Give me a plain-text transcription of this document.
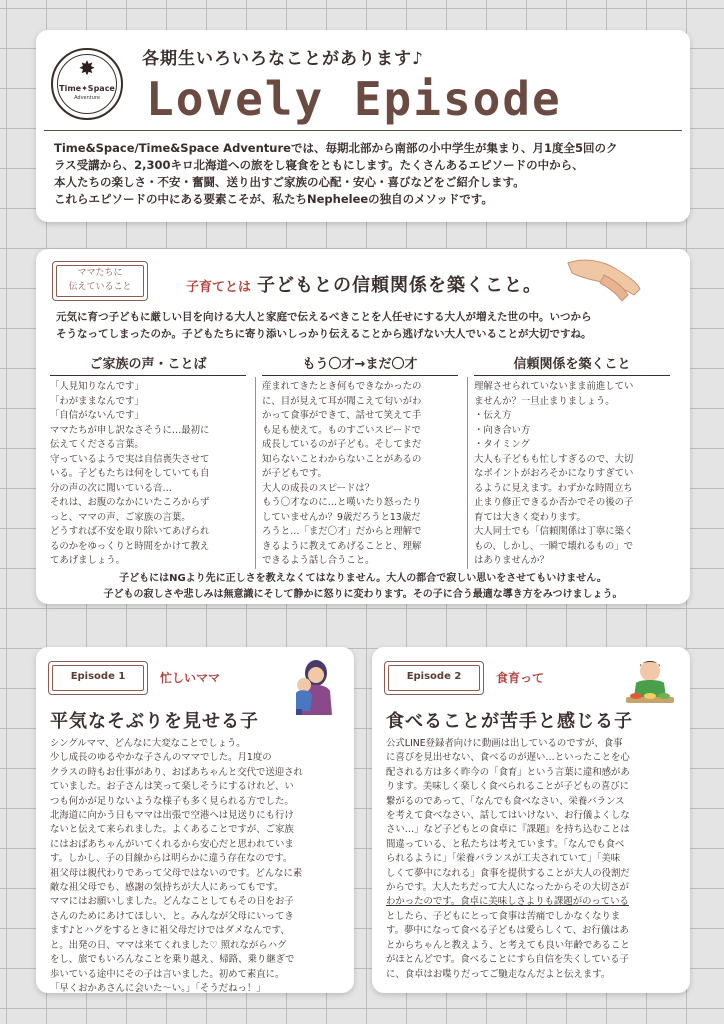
✸
Time✦Space
Adventure
各期生いろいろなことがあります♪
Lovely Episode
Time&Space/Time&Space Adventureでは、毎期北部から南部の小中学生が集まり、月1度全5回のク
ラス受講から、2,300キロ北海道への旅をし寝食をともにします。たくさんあるエピソードの中から、
本人たちの楽しさ・不安・奮闘、送り出すご家族の心配・安心・喜びなどをご紹介します。
これらエピソードの中にある要素こそが、私たちNepheleeの独自のメソッドです。
ママたちに
伝えていること	子育てとは 子どもとの信頼関係を築くこと。
元気に育つ子どもに厳しい目を向ける大人と家庭で伝えるべきことを人任せにする大人が増えた世の中。いつから
そうなってしまったのか。子どもたちに寄り添いしっかり伝えることから逃げない大人でいることが大切ですね。
ご家族の声・ことば
「人見知りなんです」
「わがままなんです」
「自信がないんです」
ママたちが申し訳なさそうに…最初に
伝えてくださる言葉。
守っているようで実は自信喪失させて
いる。子どもたちは何をしていても自
分の声の次に聞いている音…
それは、お腹のなかにいたころからず
っと、ママの声、ご家族の言葉。
どうすれば不安を取り除いてあげられ
るのかをゆっくりと時間をかけて教え
てあげましょう。
もう〇才→まだ〇才
産まれてきたとき何もできなかったの
に、目が見えて耳が聞こえて匂いがわ
かって食事ができて、話せて笑えて手
も足も使えて。ものすごいスピードで
成長しているのが子ども。そしてまだ
知らないことわからないことがあるの
が子どもです。
大人の成長のスピードは？
もう〇才なのに…と嘆いたり怒ったり
していませんか？9歳だろうと13歳だ
ろうと…「まだ〇才」だからと理解で
きるように教えてあげることと、理解
できるよう話し合うこと。
信頼関係を築くこと
理解させられていないまま前進してい
ませんか？一旦止まりましょう。
・伝え方
・向き合い方
・タイミング
大人も子どもも忙しすぎるので、大切
なポイントがおろそかになりすぎてい
るように見えます。わずかな時間立ち
止まり修正できるか否かでその後の子
育ては大きく変わります。
大人同士でも「信頼関係は丁寧に築く
もの、しかし、一瞬で壊れるもの」で
はありませんか？
子どもにはNGより先に正しさを教えなくてはなりません。大人の都合で寂しい思いをさせてもいけません。
子どもの寂しさや悲しみは無意識にそして静かに怒りに変わります。その子に合う最適な導き方をみつけましょう。
Episode 1	忙しいママ
平気なそぶりを見せる子
シングルママ、どんなに大変なことでしょう。
少し成長のゆるやかな子さんのママでした。月1度の
クラスの時もお仕事があり、おばあちゃんと交代で送迎され
ていました。お子さんは笑って楽しそうにするけれど、い
つも何かが足りないような様子も多く見られる方でした。
北海道に向かう日もママは出張で空港へは見送りにも行け
ないと伝えて来られました。よくあることですが、ご家族
にはおばあちゃんがいてくれるから安心だと思われていま
す。しかし、子の目線からは明らかに違う存在なのです。
祖父母は親代わりであって父母ではないのです。どんなに素
敵な祖父母でも、感謝の気持ちが大人にあってもです。
ママにはお願いしました。どんなことしてもその日をお子
さんのためにあけてほしい、と。みんなが父母にいってき
ます♪とハグをするときに祖父母だけではダメなんです、
と。出発の日、ママは来てくれました♡ 照れながらハグ
をし、旅でもいろんなことを乗り越え、帰路、乗り継ぎで
歩いている途中にその子は言いました。初めて素直に。
「早くおかあさんに会いた〜い。」「そうだねっ！」
Episode 2	食育って
食べることが苦手と感じる子
公式LINE登録者向けに動画は出しているのですが、食事
に喜びを見出せない、食べるのが遅い…といったことを心
配される方は多く昨今の「食育」という言葉に違和感があ
ります。美味しく楽しく食べられることが子どもの喜びに
繋がるのであって、「なんでも食べなさい、栄養バランス
を考えて食べなさい、話してはいけない、お行儀よくしな
さい…」など子どもとの食卓に『課題』を持ち込むことは
間違っている、と私たちは考えています。「なんでも食べ
られるように」「栄養バランスが工夫されていて」「美味
しくて夢中になれる」食事を提供することが大人の役割だ
からです。大人たちだって大人になったからその大切さが
わかったのです。食卓に美味しさよりも課題がのっている
としたら、子どもにとって食事は苦痛でしかなくなりま
す。夢中になって食べる子どもは愛らしくて、お行儀はあ
とからちゃんと教えよう、と考えても良い年齢であること
がほとんどです。食べることにすら自信を失くしている子
に、食卓はお喋りだってご馳走なんだよと伝えます。
